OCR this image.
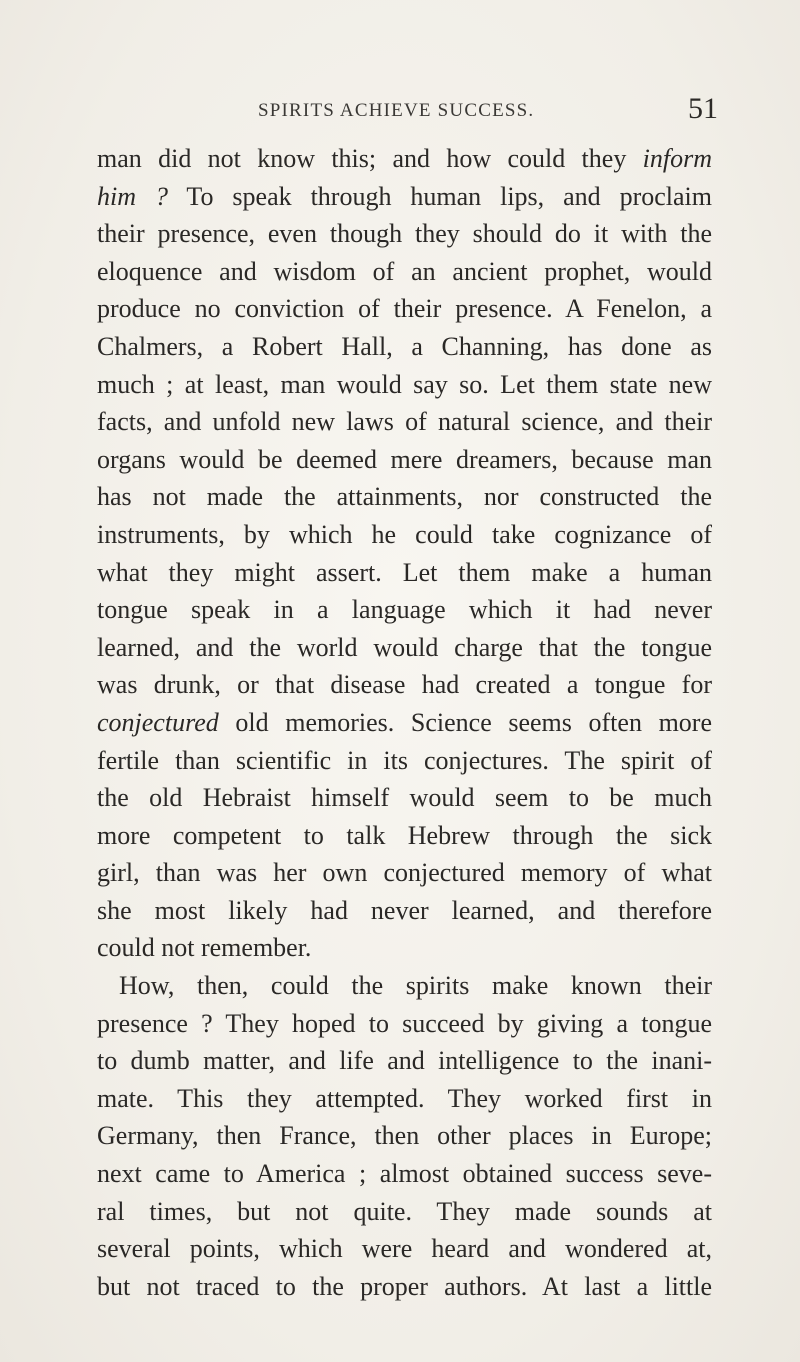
SPIRITS ACHIEVE SUCCESS.	51
man did not know this; and how could they inform
him ? To speak through human lips, and proclaim
their presence, even though they should do it with the
eloquence and wisdom of an ancient prophet, would
produce no conviction of their presence. A Fenelon, a
Chalmers, a Robert Hall, a Channing, has done as
much ; at least, man would say so. Let them state new
facts, and unfold new laws of natural science, and their
organs would be deemed mere dreamers, because man
has not made the attainments, nor constructed the
instruments, by which he could take cognizance of
what they might assert. Let them make a human
tongue speak in a language which it had never
learned, and the world would charge that the tongue
was drunk, or that disease had created a tongue for
conjectured old memories. Science seems often more
fertile than scientific in its conjectures. The spirit of
the old Hebraist himself would seem to be much
more competent to talk Hebrew through the sick
girl, than was her own conjectured memory of what
she most likely had never learned, and therefore
could not remember.
How, then, could the spirits make known their
presence ? They hoped to succeed by giving a tongue
to dumb matter, and life and intelligence to the inani-
mate. This they attempted. They worked first in
Germany, then France, then other places in Europe;
next came to America ; almost obtained success seve-
ral times, but not quite. They made sounds at
several points, which were heard and wondered at,
but not traced to the proper authors. At last a little
